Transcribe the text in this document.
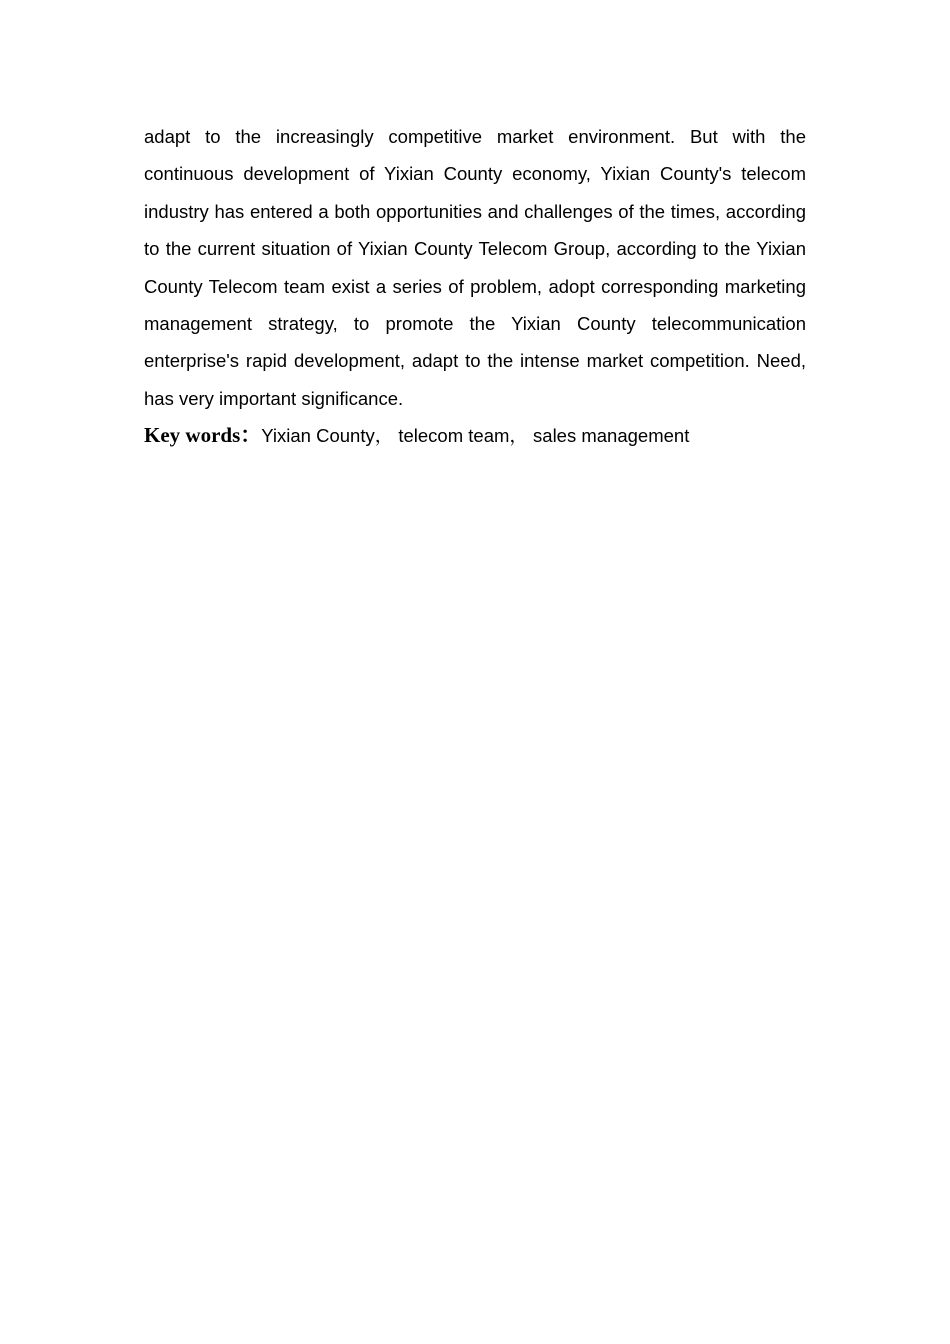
adapt to the increasingly competitive market environment. But with the continuous development of Yixian County economy, Yixian County's telecom industry has entered a both opportunities and challenges of the times, according to the current situation of Yixian County Telecom Group, according to the Yixian County Telecom team exist a series of problem, adopt corresponding marketing management strategy, to promote the Yixian County telecommunication enterprise's rapid development, adapt to the intense market competition. Need, has very important significance.

Key words：Yixian County， telecom team， sales management
